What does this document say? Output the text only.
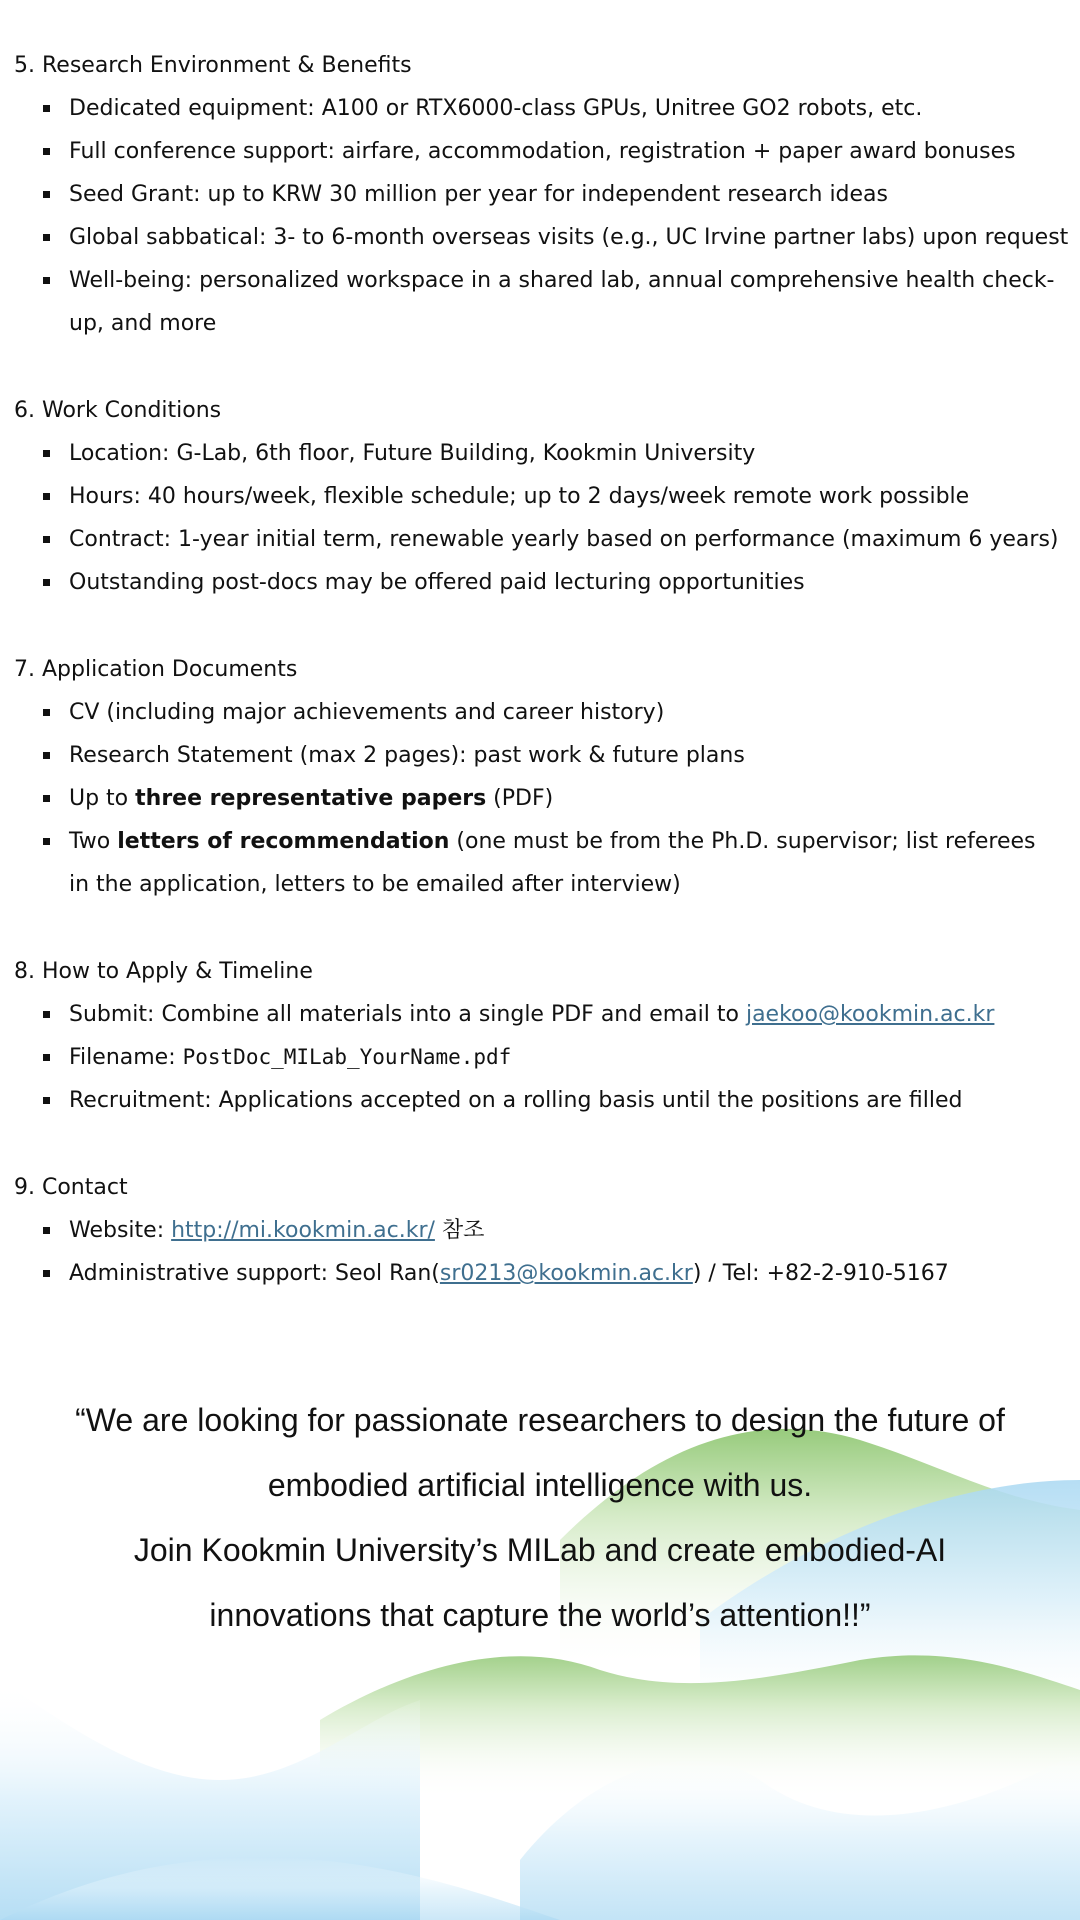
5. Research Environment & Benefits
Dedicated equipment: A100 or RTX6000-class GPUs, Unitree GO2 robots, etc.
Full conference support: airfare, accommodation, registration + paper award bonuses
Seed Grant: up to KRW 30 million per year for independent research ideas
Global sabbatical: 3- to 6-month overseas visits (e.g., UC Irvine partner labs) upon request
Well-being: personalized workspace in a shared lab, annual comprehensive health check-up, and more
6. Work Conditions
Location: G-Lab, 6th floor, Future Building, Kookmin University
Hours: 40 hours/week, flexible schedule; up to 2 days/week remote work possible
Contract: 1-year initial term, renewable yearly based on performance (maximum 6 years)
Outstanding post-docs may be offered paid lecturing opportunities
7. Application Documents
CV (including major achievements and career history)
Research Statement (max 2 pages): past work & future plans
Up to three representative papers (PDF)
Two letters of recommendation (one must be from the Ph.D. supervisor; list referees in the application, letters to be emailed after interview)
8. How to Apply & Timeline
Submit: Combine all materials into a single PDF and email to jaekoo@kookmin.ac.kr
Filename: PostDoc_MILab_YourName.pdf
Recruitment: Applications accepted on a rolling basis until the positions are filled
9. Contact
Website: http://mi.kookmin.ac.kr/ 참조
Administrative support: Seol Ran(sr0213@kookmin.ac.kr) / Tel: +82-2-910-5167
“We are looking for passionate researchers to design the future of
embodied artificial intelligence with us.
Join Kookmin University’s MILab and create embodied-AI
innovations that capture the world’s attention!!”
